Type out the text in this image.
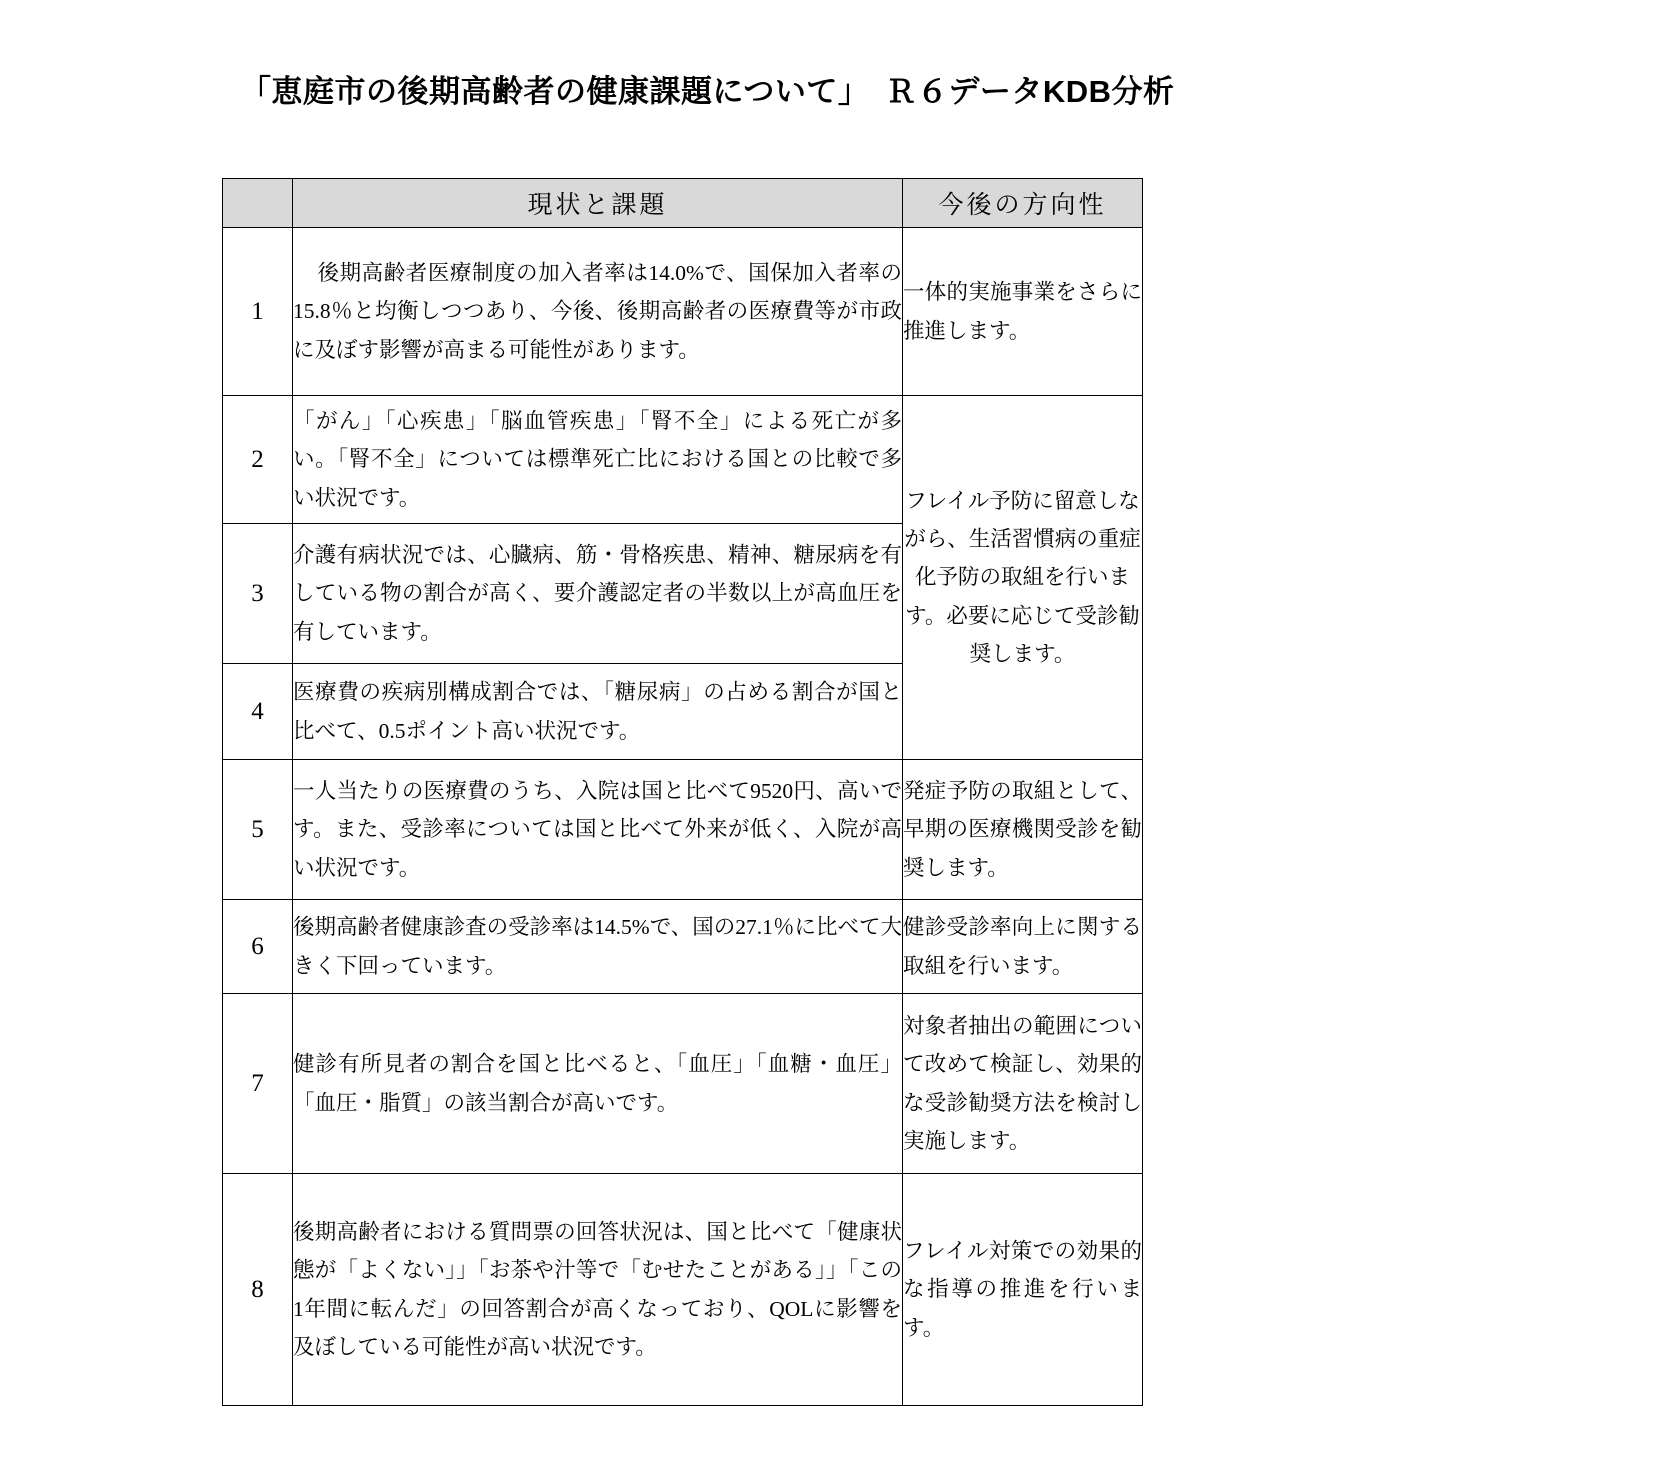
「恵庭市の後期高齢者の健康課題について」　Ｒ６データKDB分析
	現状と課題	今後の方向性
1	後期高齢者医療制度の加入者率は14.0%で、国保加入者率の15.8％と均衡しつつあり、今後、後期高齢者の医療費等が市政に及ぼす影響が高まる可能性があります。	一体的実施事業をさらに推進します。
2	「がん」「心疾患」「脳血管疾患」「腎不全」による死亡が多い。「腎不全」については標準死亡比における国との比較で多い状況です。	フレイル予防に留意しながら、生活習慣病の重症化予防の取組を行います。必要に応じて受診勧奨します。
3	介護有病状況では、心臓病、筋・骨格疾患、精神、糖尿病を有している物の割合が高く、要介護認定者の半数以上が高血圧を有しています。	
4	医療費の疾病別構成割合では、「糖尿病」の占める割合が国と比べて、0.5ポイント高い状況です。	
5	一人当たりの医療費のうち、入院は国と比べて9520円、高いです。また、受診率については国と比べて外来が低く、入院が高い状況です。	発症予防の取組として、早期の医療機関受診を勧奨します。
6	後期高齢者健康診査の受診率は14.5%で、国の27.1％に比べて大きく下回っています。	健診受診率向上に関する取組を行います。
7	健診有所見者の割合を国と比べると、「血圧」「血糖・血圧」「血圧・脂質」の該当割合が高いです。	対象者抽出の範囲について改めて検証し、効果的な受診勧奨方法を検討し実施します。
8	後期高齢者における質問票の回答状況は、国と比べて「健康状態が「よくない」」「お茶や汁等で「むせたことがある」」「この1年間に転んだ」の回答割合が高くなっており、QOLに影響を及ぼしている可能性が高い状況です。	フレイル対策での効果的な指導の推進を行います。
